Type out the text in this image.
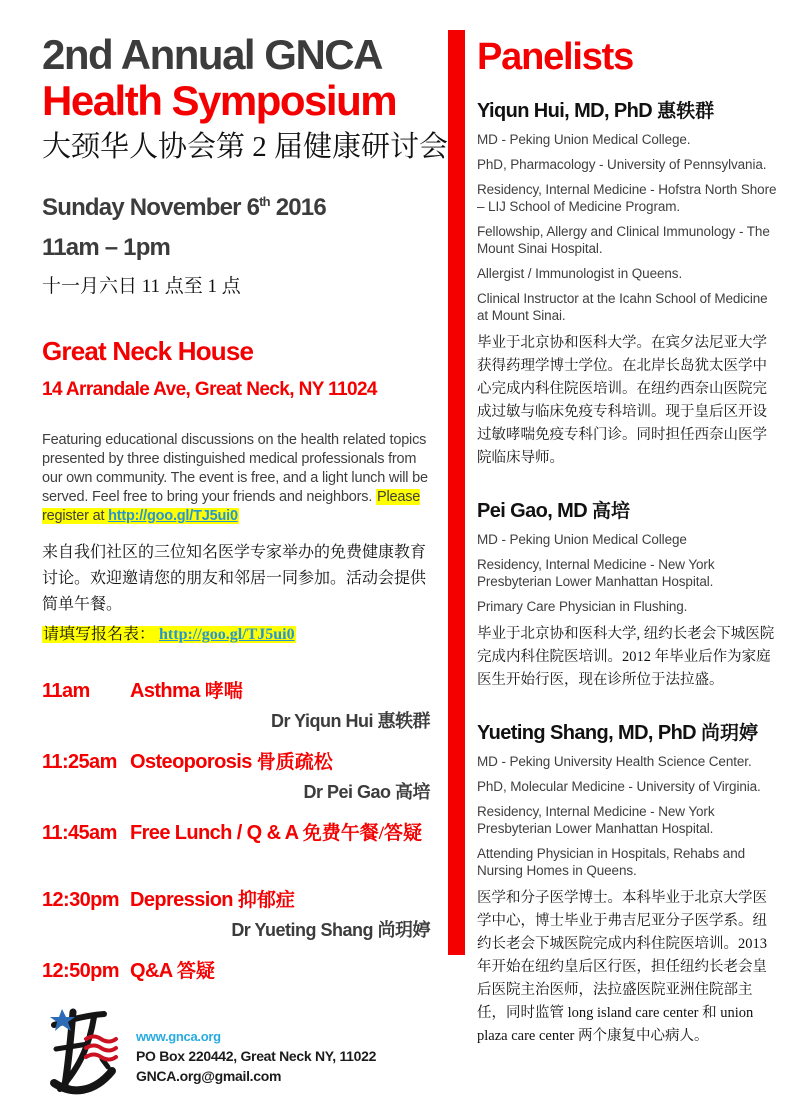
2nd Annual GNCA
Health Symposium
大颈华人协会第 2 届健康研讨会
Sunday November 6th 2016
11am – 1pm
十一月六日 11 点至 1 点
Great Neck House
14 Arrandale Ave, Great Neck, NY 11024
Featuring educational discussions on the health related topics presented by three distinguished medical professionals from our own community. The event is free, and a light lunch will be served. Feel free to bring your friends and neighbors. Please register at http://goo.gl/TJ5ui0
来自我们社区的三位知名医学专家举办的免费健康教育讨论。欢迎邀请您的朋友和邻居一同参加。活动会提供简单午餐。
请填写报名表： http://goo.gl/TJ5ui0
11am	Asthma 哮喘
Dr Yiqun Hui 惠轶群
11:25am Osteoporosis 骨质疏松
Dr Pei Gao 高培
11:45am Free Lunch / Q & A 免费午餐/答疑
12:30pm Depression 抑郁症
Dr Yueting Shang 尚玥婷
12:50pm Q&A 答疑
www.gnca.org
PO Box 220442, Great Neck NY, 11022
GNCA.org@gmail.com
Panelists
Yiqun Hui, MD, PhD 惠轶群

MD - Peking Union Medical College.

PhD, Pharmacology - University of Pennsylvania.

Residency, Internal Medicine - Hofstra North Shore – LIJ School of Medicine Program.

Fellowship, Allergy and Clinical Immunology - The Mount Sinai Hospital.

Allergist / Immunologist in Queens.

Clinical Instructor at the Icahn School of Medicine at Mount Sinai.

毕业于北京协和医科大学。在宾夕法尼亚大学获得药理学博士学位。在北岸长岛犹太医学中心完成内科住院医培训。在纽约西奈山医院完成过敏与临床免疫专科培训。现于皇后区开设过敏哮喘免疫专科门诊。同时担任西奈山医学院临床导师。
Pei Gao, MD 高培

MD - Peking Union Medical College

Residency, Internal Medicine - New York Presbyterian Lower Manhattan Hospital.

Primary Care Physician in Flushing.

毕业于北京协和医科大学, 纽约长老会下城医院完成内科住院医培训。2012 年毕业后作为家庭医生开始行医，现在诊所位于法拉盛。
Yueting Shang, MD, PhD 尚玥婷

MD - Peking University Health Science Center.

PhD, Molecular Medicine - University of Virginia.

Residency, Internal Medicine - New York Presbyterian Lower Manhattan Hospital.

Attending Physician in Hospitals, Rehabs and Nursing Homes in Queens.

医学和分子医学博士。本科毕业于北京大学医学中心，博士毕业于弗吉尼亚分子医学系。纽约长老会下城医院完成内科住院医培训。2013 年开始在纽约皇后区行医，担任纽约长老会皇后医院主治医师，法拉盛医院亚洲住院部主任，同时监管 long island care center 和 union plaza care center 两个康复中心病人。
